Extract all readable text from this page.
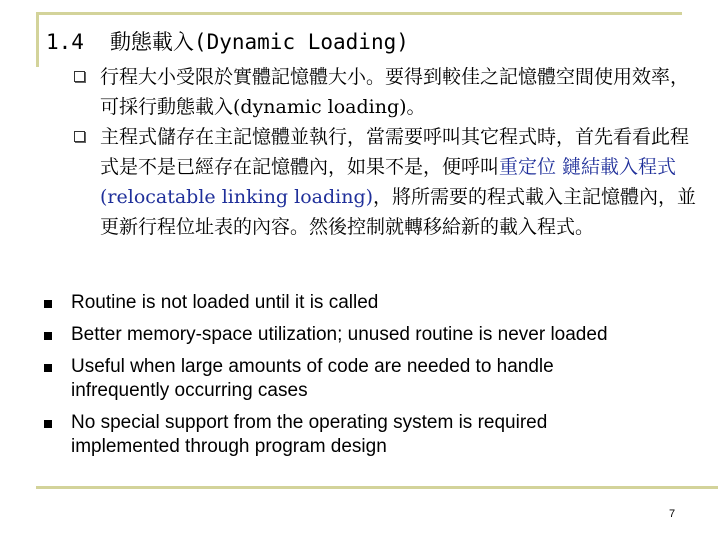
1.4 動態載入(Dynamic Loading)
行程大小受限於實體記憶體大小。要得到較佳之記憶體空間使用效率，可採行動態載入(dynamic loading)。
主程式儲存在主記憶體並執行，當需要呼叫其它程式時，首先看看此程式是不是已經存在記憶體內，如果不是，便呼叫重定位 鏈結載入程式(relocatable linking loading)，將所需要的程式載入主記憶體內，並更新行程位址表的內容。然後控制就轉移給新的載入程式。
Routine is not loaded until it is called
Better memory-space utilization; unused routine is never loaded
Useful when large amounts of code are needed to handle
infrequently occurring cases
No special support from the operating system is required
implemented through program design
7
